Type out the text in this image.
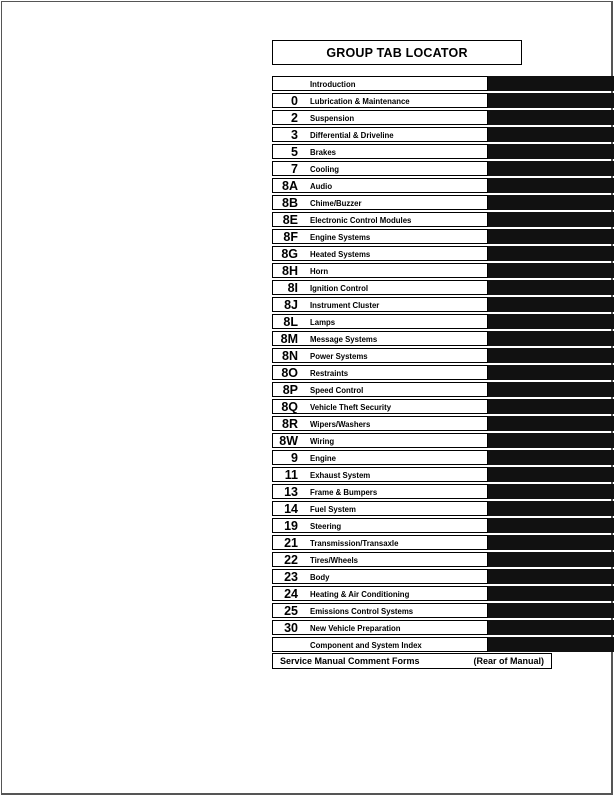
GROUP TAB LOCATOR
Introduction
0 Lubrication & Maintenance
2 Suspension
3 Differential & Driveline
5 Brakes
7 Cooling
8A Audio
8B Chime/Buzzer
8E Electronic Control Modules
8F Engine Systems
8G Heated Systems
8H Horn
8I Ignition Control
8J Instrument Cluster
8L Lamps
8M Message Systems
8N Power Systems
8O Restraints
8P Speed Control
8Q Vehicle Theft Security
8R Wipers/Washers
8W Wiring
9 Engine
11 Exhaust System
13 Frame & Bumpers
14 Fuel System
19 Steering
21 Transmission/Transaxle
22 Tires/Wheels
23 Body
24 Heating & Air Conditioning
25 Emissions Control Systems
30 New Vehicle Preparation
Component and System Index
Service Manual Comment Forms	(Rear of Manual)
